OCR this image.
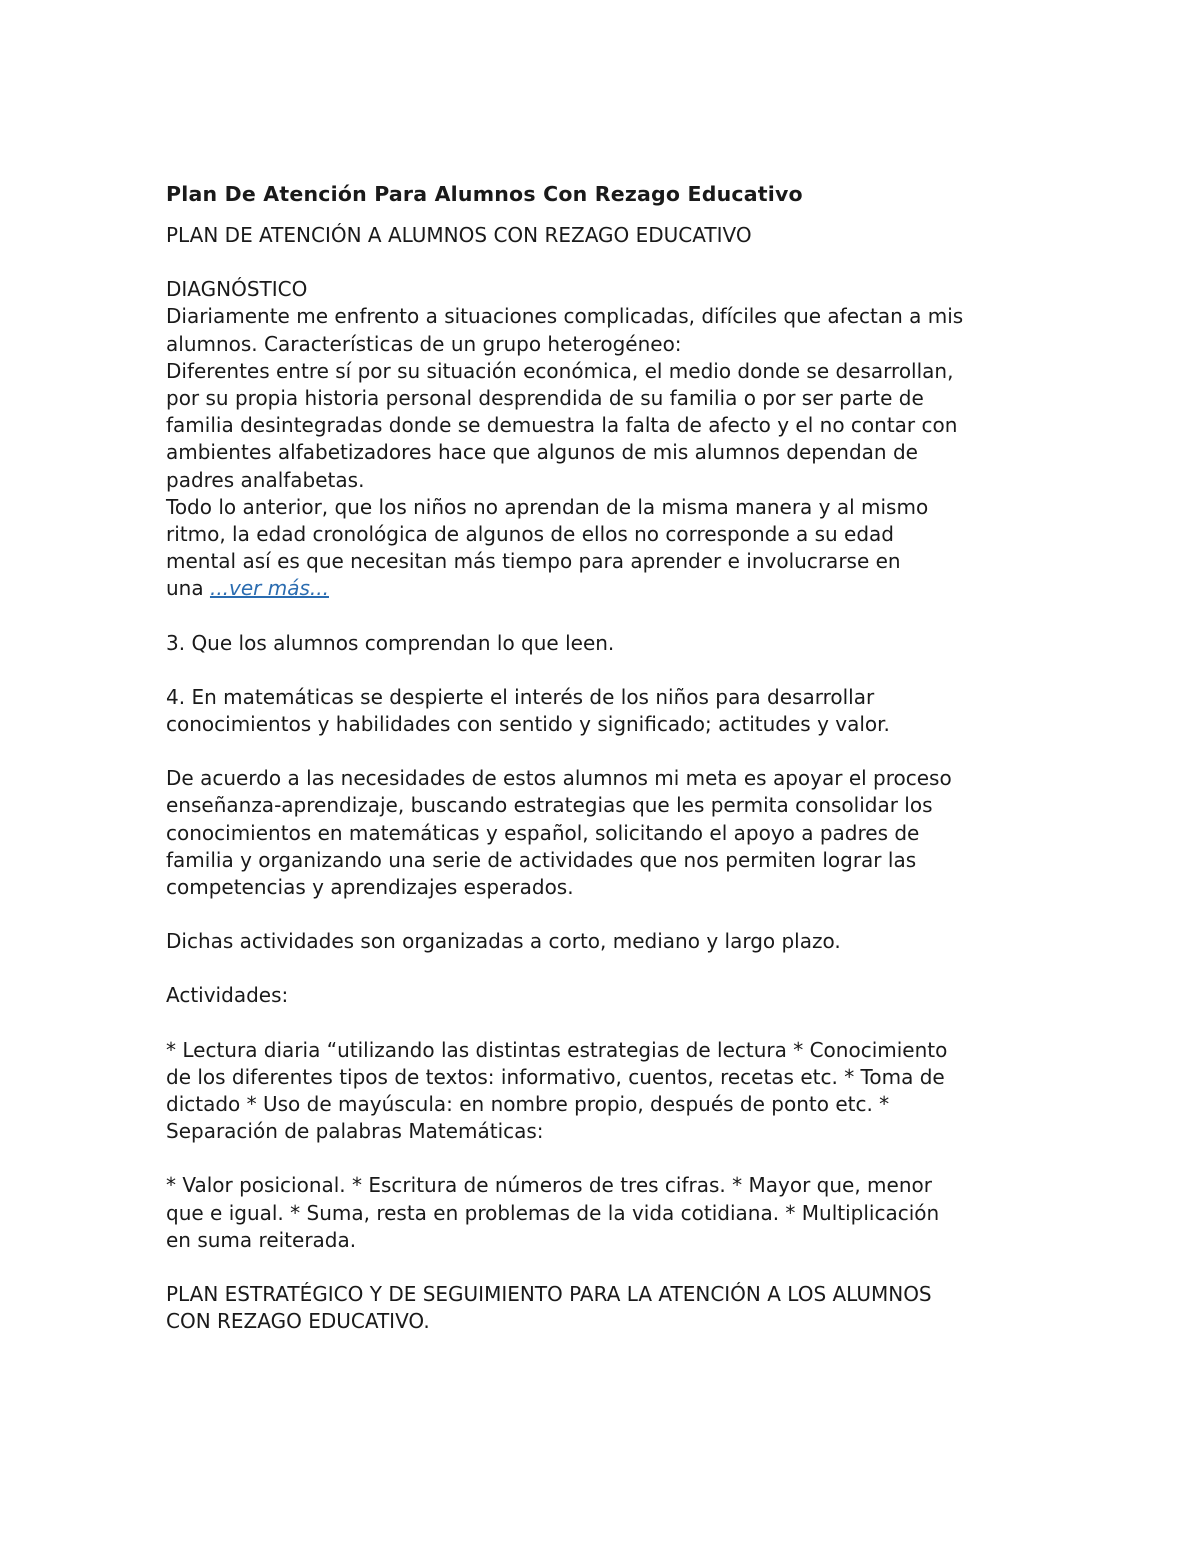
Plan De Atención Para Alumnos Con Rezago Educativo
PLAN DE ATENCIÓN A ALUMNOS CON REZAGO EDUCATIVO
DIAGNÓSTICO
Diariamente me enfrento a situaciones complicadas, difíciles que afectan a mis
alumnos. Características de un grupo heterogéneo:
Diferentes entre sí por su situación económica, el medio donde se desarrollan,
por su propia historia personal desprendida de su familia o por ser parte de
familia desintegradas donde se demuestra la falta de afecto y el no contar con
ambientes alfabetizadores hace que algunos de mis alumnos dependan de
padres analfabetas.
Todo lo anterior, que los niños no aprendan de la misma manera y al mismo
ritmo, la edad cronológica de algunos de ellos no corresponde a su edad
mental así es que necesitan más tiempo para aprender e involucrarse en
una ...ver más...
3. Que los alumnos comprendan lo que leen.
4. En matemáticas se despierte el interés de los niños para desarrollar
conocimientos y habilidades con sentido y significado; actitudes y valor.
De acuerdo a las necesidades de estos alumnos mi meta es apoyar el proceso
enseñanza-aprendizaje, buscando estrategias que les permita consolidar los
conocimientos en matemáticas y español, solicitando el apoyo a padres de
familia y organizando una serie de actividades que nos permiten lograr las
competencias y aprendizajes esperados.
Dichas actividades son organizadas a corto, mediano y largo plazo.
Actividades:
* Lectura diaria “utilizando las distintas estrategias de lectura * Conocimiento
de los diferentes tipos de textos: informativo, cuentos, recetas etc. * Toma de
dictado * Uso de mayúscula: en nombre propio, después de ponto etc. *
Separación de palabras Matemáticas:
* Valor posicional. * Escritura de números de tres cifras. * Mayor que, menor
que e igual. * Suma, resta en problemas de la vida cotidiana. * Multiplicación
en suma reiterada.
PLAN ESTRATÉGICO Y DE SEGUIMIENTO PARA LA ATENCIÓN A LOS ALUMNOS
CON REZAGO EDUCATIVO.
